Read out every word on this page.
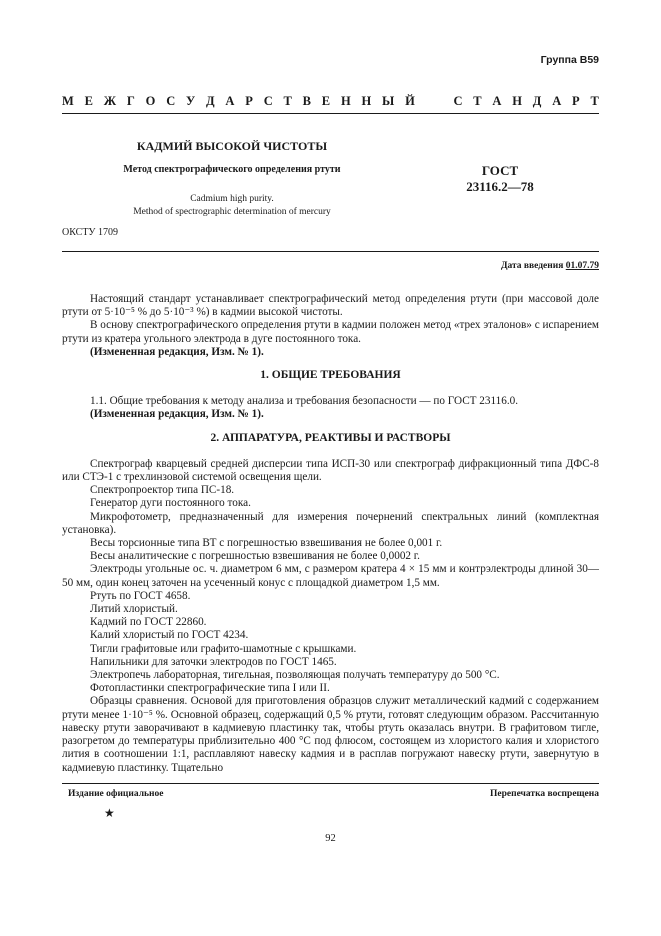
Группа В59
М Е Ж Г О С У Д А Р С Т В Е Н Н Ы Й

	С Т А Н Д А Р Т
КАДМИЙ ВЫСОКОЙ ЧИСТОТЫ
Метод спектрографического определения ртути
Cadmium high purity.
Method of spectrographic determination of mercury
ГОСТ
23116.2—78
ОКСТУ 1709
Дата введения 01.07.79

Настоящий стандарт устанавливает спектрографический метод определения ртути (при массовой доле ртути от 5·10⁻⁵ % до 5·10⁻³ %) в кадмии высокой чистоты.

В основу спектрографического определения ртути в кадмии положен метод «трех эталонов» с испарением ртути из кратера угольного электрода в дуге постоянного тока.

(Измененная редакция, Изм. № 1).

1. ОБЩИЕ ТРЕБОВАНИЯ

1.1. Общие требования к методу анализа и требования безопасности — по ГОСТ 23116.0.

(Измененная редакция, Изм. № 1).

2. АППАРАТУРА, РЕАКТИВЫ И РАСТВОРЫ

Спектрограф кварцевый средней дисперсии типа ИСП-30 или спектрограф дифракционный типа ДФС-8 или СТЭ-1 с трехлинзовой системой освещения щели.

Спектропроектор типа ПС-18.

Генератор дуги постоянного тока.

Микрофотометр, предназначенный для измерения почернений спектральных линий (комплектная установка).

Весы торсионные типа ВТ с погрешностью взвешивания не более 0,001 г.

Весы аналитические с погрешностью взвешивания не более 0,0002 г.

Электроды угольные ос. ч. диаметром 6 мм, с размером кратера 4 × 15 мм и контрэлектроды длиной 30—50 мм, один конец заточен на усеченный конус с площадкой диаметром 1,5 мм.

Ртуть по ГОСТ 4658.

Литий хлористый.

Кадмий по ГОСТ 22860.

Калий хлористый по ГОСТ 4234.

Тигли графитовые или графито-шамотные с крышками.

Напильники для заточки электродов по ГОСТ 1465.

Электропечь лабораторная, тигельная, позволяющая получать температуру до 500 °С.

Фотопластинки спектрографические типа I или II.

Образцы сравнения. Основой для приготовления образцов служит металлический кадмий с содержанием ртути менее 1·10⁻⁵ %. Основной образец, содержащий 0,5 % ртути, готовят следующим образом. Рассчитанную навеску ртути заворачивают в кадмиевую пластинку так, чтобы ртуть оказалась внутри. В графитовом тигле, разогретом до температуры приблизительно 400 °С под флюсом, состоящем из хлористого калия и хлористого лития в соотношении 1:1, расплавляют навеску кадмия и в расплав погружают навеску ртути, завернутую в кадмиевую пластинку. Тщательно

Издание официальное	Перепечатка воспрещена
★
92
